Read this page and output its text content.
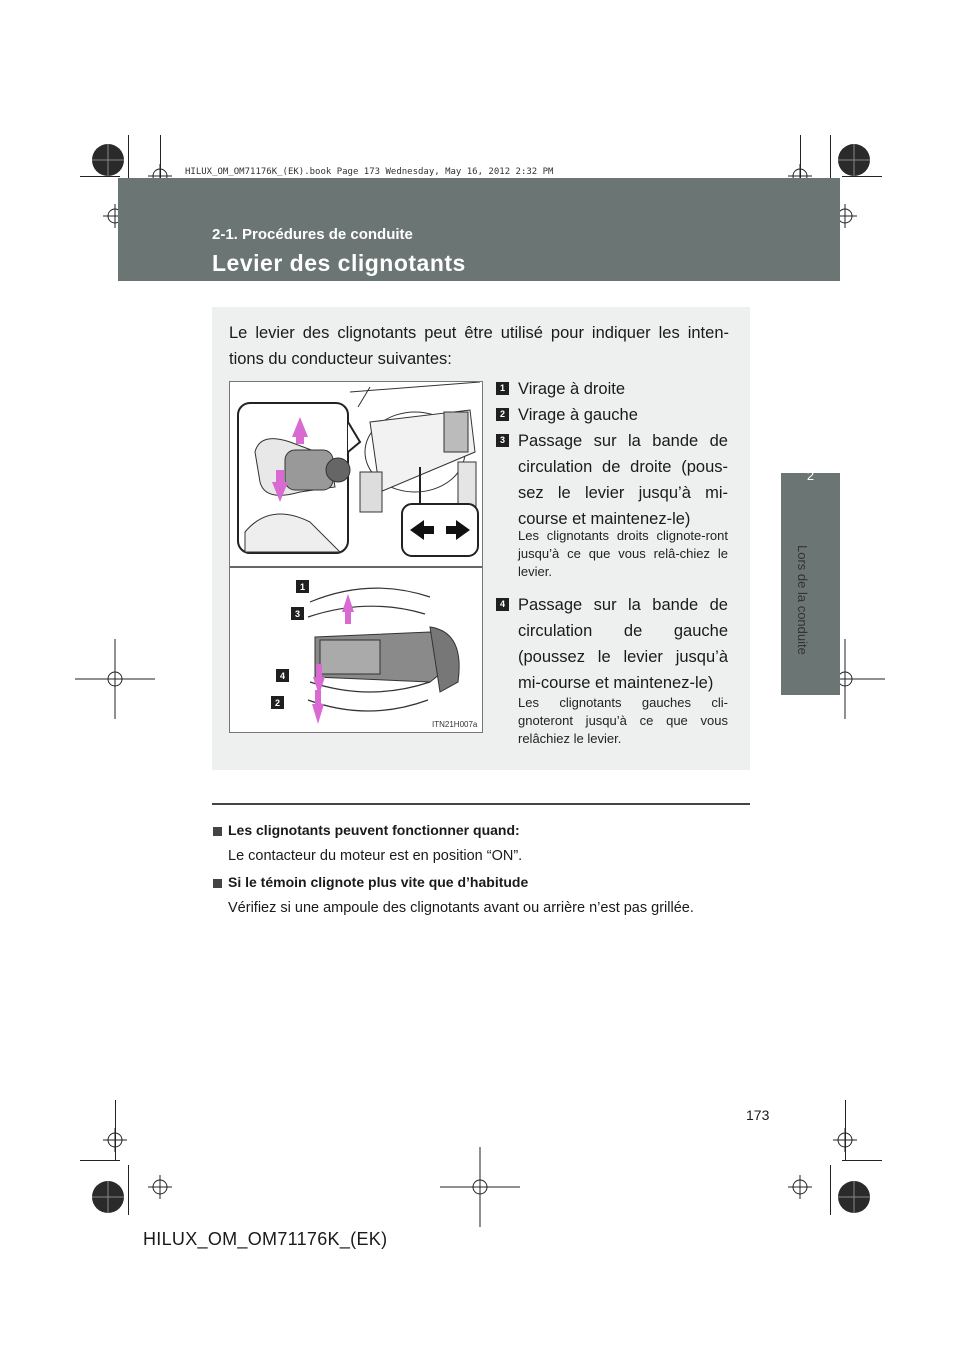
HILUX_OM_OM71176K_(EK).book Page 173 Wednesday, May 16, 2012 2:32 PM
2-1. Procédures de conduite
Levier des clignotants
2
Lors de la conduite
Le levier des clignotants peut être utilisé pour indiquer les inten-tions du conducteur suivantes:
1
3
4
2
ITN21H007a
1 Virage à droite
2 Virage à gauche
3 Passage sur la bande de circulation de droite (pous-sez le levier jusqu’à mi-course et maintenez-le)
Les clignotants droits clignote-ront jusqu’à ce que vous relâ-chiez le levier.
4 Passage sur la bande de circulation de gauche (poussez le levier jusqu’à mi-course et maintenez-le)
Les clignotants gauches cli-gnoteront jusqu’à ce que vous relâchiez le levier.
Les clignotants peuvent fonctionner quand:
Le contacteur du moteur est en position “ON”.
Si le témoin clignote plus vite que d’habitude
Vérifiez si une ampoule des clignotants avant ou arrière n’est pas grillée.
173
HILUX_OM_OM71176K_(EK)
